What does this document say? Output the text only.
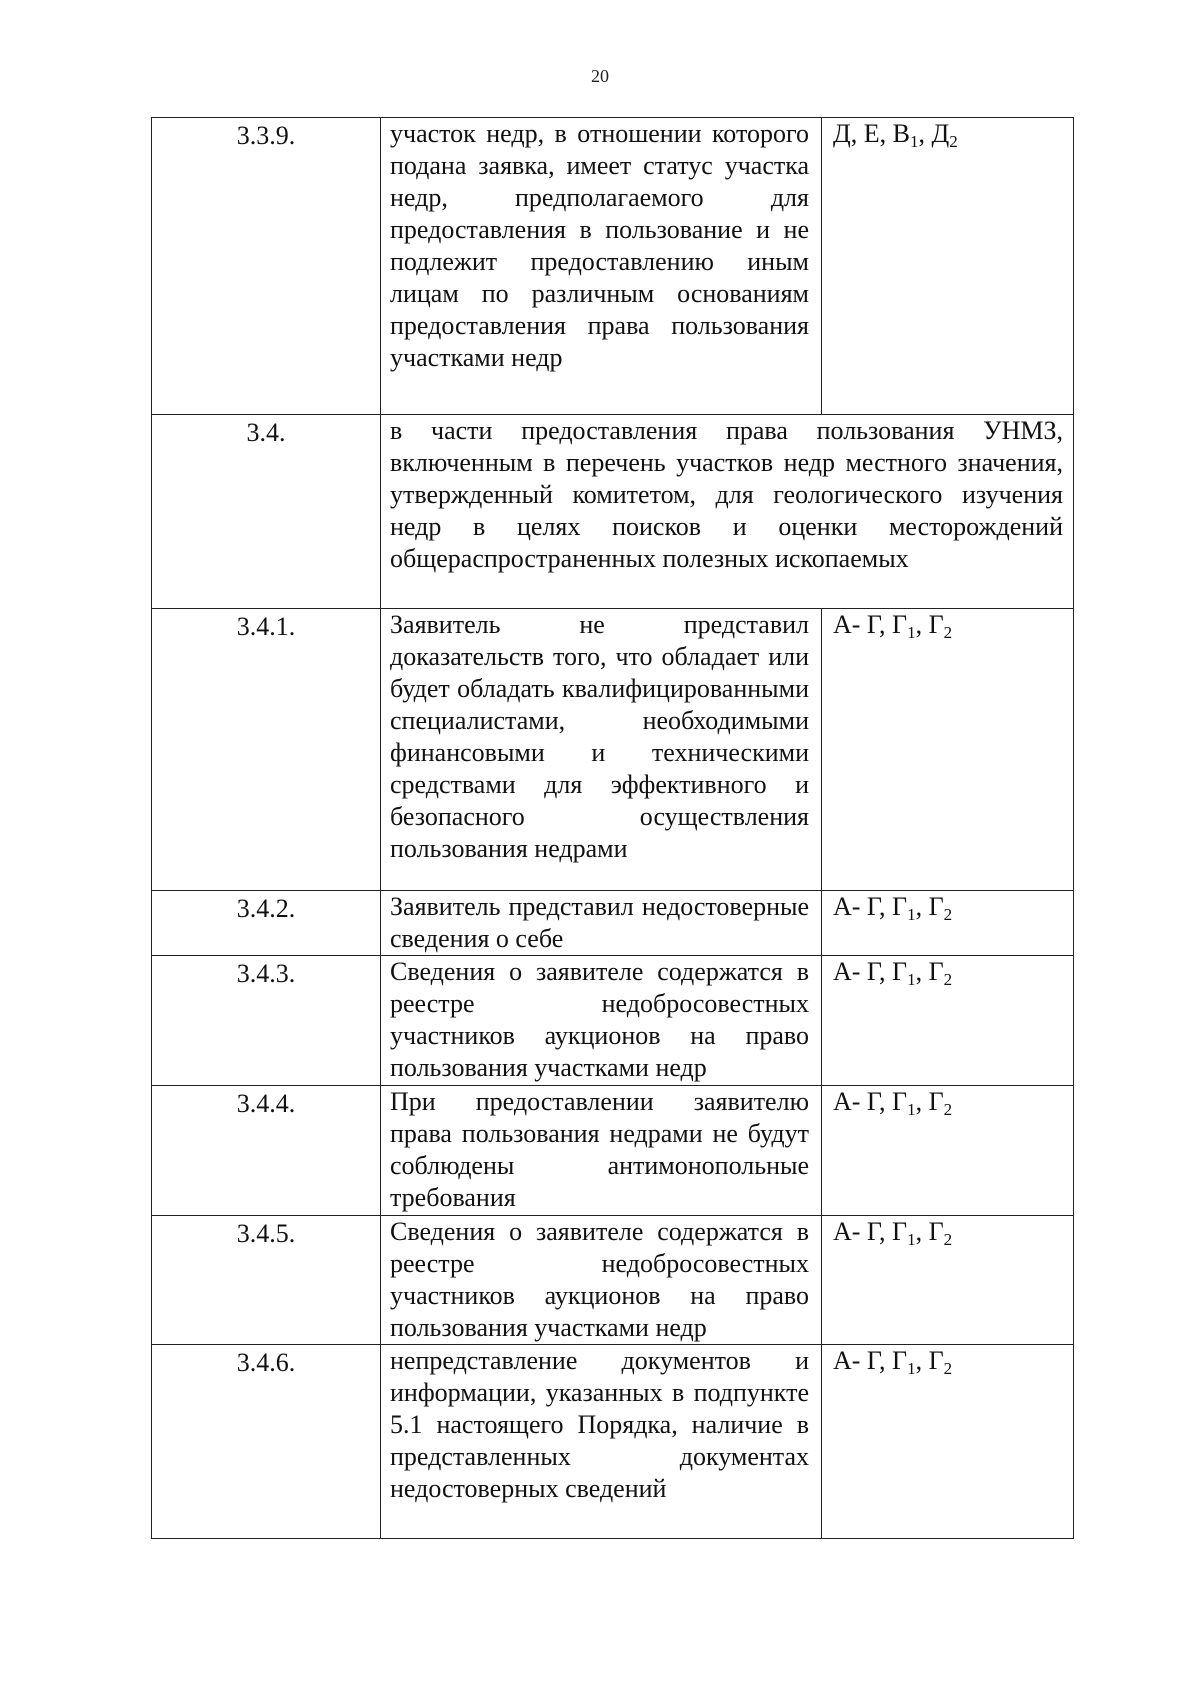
20
3.3.9.	участок недр, в отношении которого подана заявка, имеет статус участка недр, предполагаемого для предоставления в пользование и не подлежит предоставлению иным лицам по различным основаниям предоставления права пользования участками недр	Д, Е, $В_1$, $Д_2$

3.4.	в части предоставления права пользования УНМЗ, включенным в перечень участков недр местного значения, утвержденный комитетом, для геологического изучения недр в целях поисков и оценки месторождений общераспространенных полезных ископаемых	

3.4.1.	Заявитель не представил доказательств того, что обладает или будет обладать квалифицированными специалистами, необходимыми финансовыми и техническими средствами для эффективного и безопасного осуществления пользования недрами	А- Г, $Г_1$, $Г_2$

3.4.2.	Заявитель представил недостоверные сведения о себе	А- Г, $Г_1$, $Г_2$

3.4.3.	Сведения о заявителе содержатся в реестре недобросовестных участников аукционов на право пользования участками недр	А- Г, $Г_1$, $Г_2$

3.4.4.	При предоставлении заявителю права пользования недрами не будут соблюдены антимонопольные требования	А- Г, $Г_1$, $Г_2$

3.4.5.	Сведения о заявителе содержатся в реестре недобросовестных участников аукционов на право пользования участками недр	А- Г, $Г_1$, $Г_2$

3.4.6.	непредставление документов и информации, указанных в подпункте 5.1 настоящего Порядка, наличие в представленных документах недостоверных сведений	А- Г, $Г_1$, $Г_2$
